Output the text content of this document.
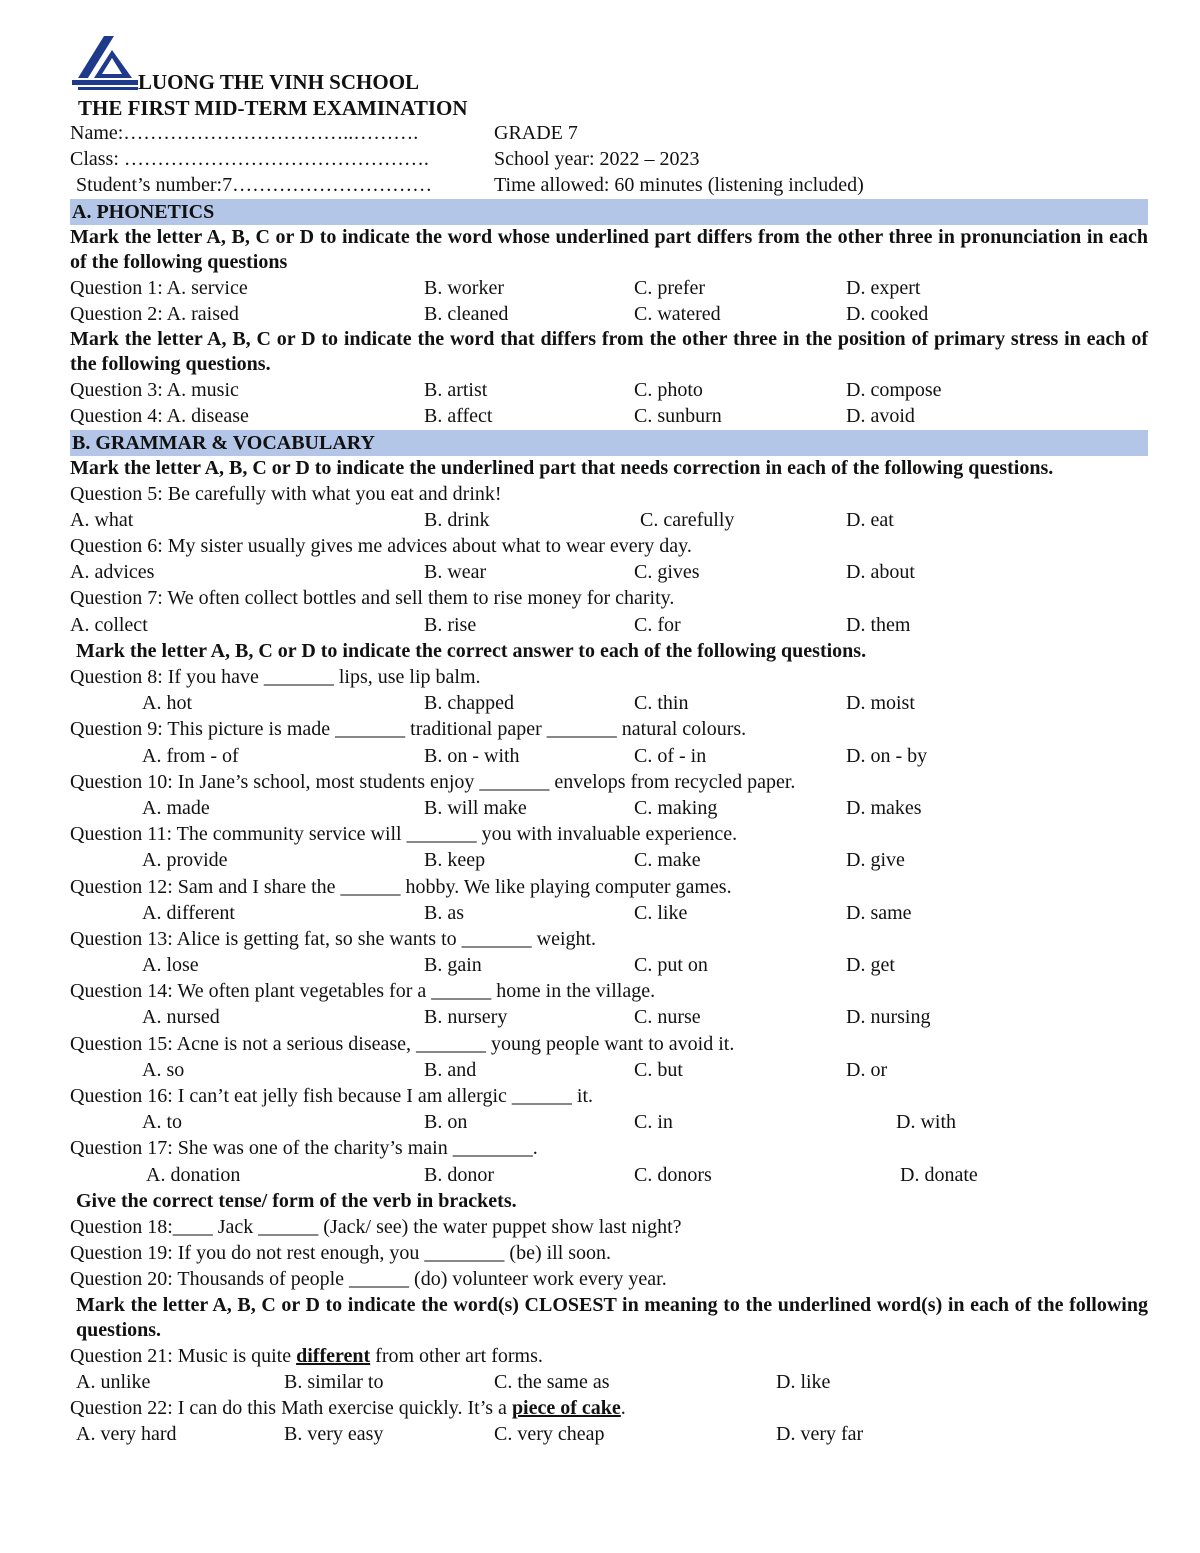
LUONG THE VINH SCHOOL
THE FIRST MID-TERM EXAMINATION
Name:……………………………..……….	GRADE 7
Class: ……………………………………….	School year: 2022 – 2023
Student’s number:7…………………………	Time allowed: 60 minutes (listening included)
A. PHONETICS
Mark the letter A, B, C or D to indicate the word whose underlined part differs from the other three in pronunciation in each of the following questions
Question 1: A. service	B. worker	C. prefer	D. expert
Question 2: A. raised	B. cleaned	C. watered	D. cooked
Mark the letter A, B, C or D to indicate the word that differs from the other three in the position of primary stress in each of the following questions.
Question 3: A. music	B. artist	C. photo	D. compose
Question 4: A. disease	B. affect	C. sunburn	D. avoid
B. GRAMMAR & VOCABULARY
Mark the letter A, B, C or D to indicate the underlined part that needs correction in each of the following questions.
Question 5: Be carefully with what you eat and drink!
A. what	B. drink	C. carefully	D. eat
Question 6: My sister usually gives me advices about what to wear every day.
A. advices	B. wear	C. gives	D. about
Question 7: We often collect bottles and sell them to rise money for charity.
A. collect	B. rise	C. for	D. them
Mark the letter A, B, C or D to indicate the correct answer to each of the following questions.
Question 8: If you have _______ lips, use lip balm.
A. hot	B. chapped	C. thin	D. moist
Question 9: This picture is made _______ traditional paper _______ natural colours.
A. from - of	B. on - with	C. of - in	D. on - by
Question 10: In Jane’s school, most students enjoy _______ envelops from recycled paper.
A. made	B. will make	C. making	D. makes
Question 11: The community service will _______ you with invaluable experience.
A. provide	B. keep	C. make	D. give
Question 12: Sam and I share the ______ hobby. We like playing computer games.
A. different	B. as	C. like	D. same
Question 13: Alice is getting fat, so she wants to _______ weight.
A. lose	B. gain	C. put on	D. get
Question 14: We often plant vegetables for a ______ home in the village.
A. nursed	B. nursery	C. nurse	D. nursing
Question 15: Acne is not a serious disease, _______ young people want to avoid it.
A. so	B. and	C. but	D. or
Question 16: I can’t eat jelly fish because I am allergic ______ it.
A. to	B. on	C. in	D. with
Question 17: She was one of the charity’s main ________.
A. donation	B. donor	C. donors	D. donate
Give the correct tense/ form of the verb in brackets.
Question 18:____ Jack ______ (Jack/ see) the water puppet show last night?
Question 19: If you do not rest enough, you ________ (be) ill soon.
Question 20: Thousands of people ______ (do) volunteer work every year.
Mark the letter A, B, C or D to indicate the word(s) CLOSEST in meaning to the underlined word(s) in each of the following questions.
Question 21: Music is quite different from other art forms.
A. unlike	B. similar to	C. the same as	D. like
Question 22: I can do this Math exercise quickly. It’s a piece of cake.
A. very hard	B. very easy	C. very cheap	D. very far
